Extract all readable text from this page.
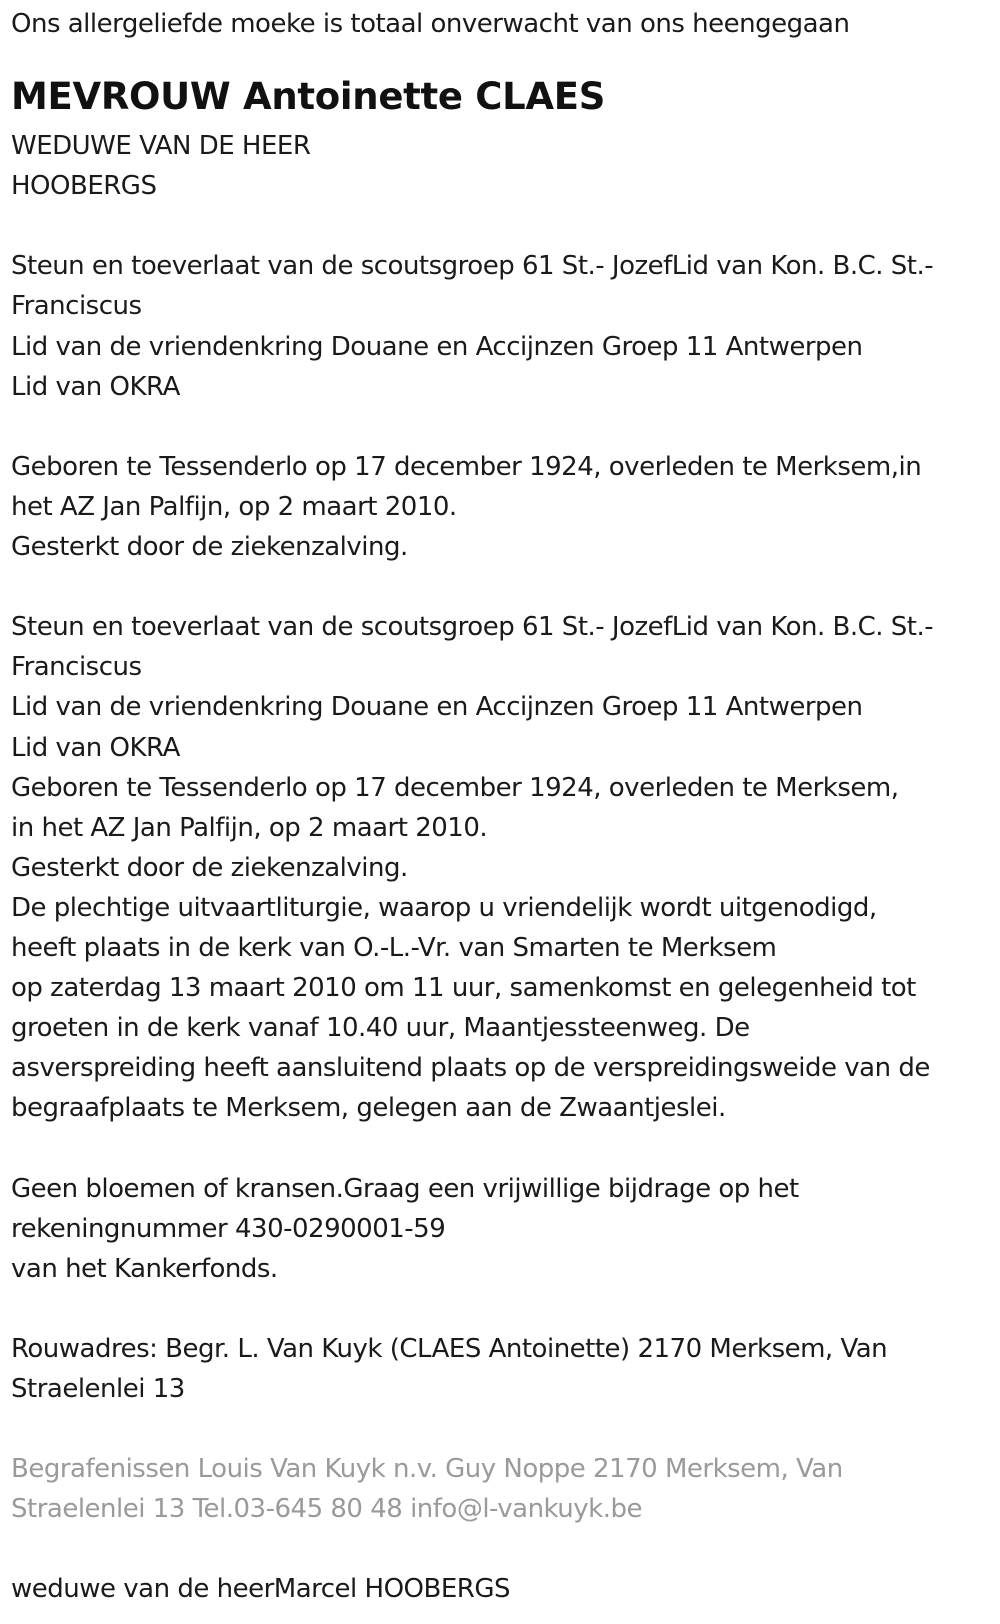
Ons allergeliefde moeke is totaal onverwacht van ons heengegaan
MEVROUW Antoinette CLAES
WEDUWE VAN DE HEER
HOOBERGS
Steun en toeverlaat van de scoutsgroep 61 St.- JozefLid van Kon. B.C. St.-
Franciscus
Lid van de vriendenkring Douane en Accijnzen Groep 11 Antwerpen
Lid van OKRA
Geboren te Tessenderlo op 17 december 1924, overleden te Merksem,in
het AZ Jan Palfijn, op 2 maart 2010.
Gesterkt door de ziekenzalving.
Steun en toeverlaat van de scoutsgroep 61 St.- JozefLid van Kon. B.C. St.-
Franciscus
Lid van de vriendenkring Douane en Accijnzen Groep 11 Antwerpen
Lid van OKRA
Geboren te Tessenderlo op 17 december 1924, overleden te Merksem,
in het AZ Jan Palfijn, op 2 maart 2010.
Gesterkt door de ziekenzalving.
De plechtige uitvaartliturgie, waarop u vriendelijk wordt uitgenodigd,
heeft plaats in de kerk van O.-L.-Vr. van Smarten te Merksem
op zaterdag 13 maart 2010 om 11 uur, samenkomst en gelegenheid tot
groeten in de kerk vanaf 10.40 uur, Maantjessteenweg. De
asverspreiding heeft aansluitend plaats op de verspreidingsweide van de
begraafplaats te Merksem, gelegen aan de Zwaantjeslei.
Geen bloemen of kransen.Graag een vrijwillige bijdrage op het
rekeningnummer 430-0290001-59
van het Kankerfonds.
Rouwadres: Begr. L. Van Kuyk (CLAES Antoinette) 2170 Merksem, Van
Straelenlei 13
Begrafenissen Louis Van Kuyk n.v. Guy Noppe 2170 Merksem, Van
Straelenlei 13 Tel.03-645 80 48 info@l-vankuyk.be
weduwe van de heerMarcel HOOBERGS
